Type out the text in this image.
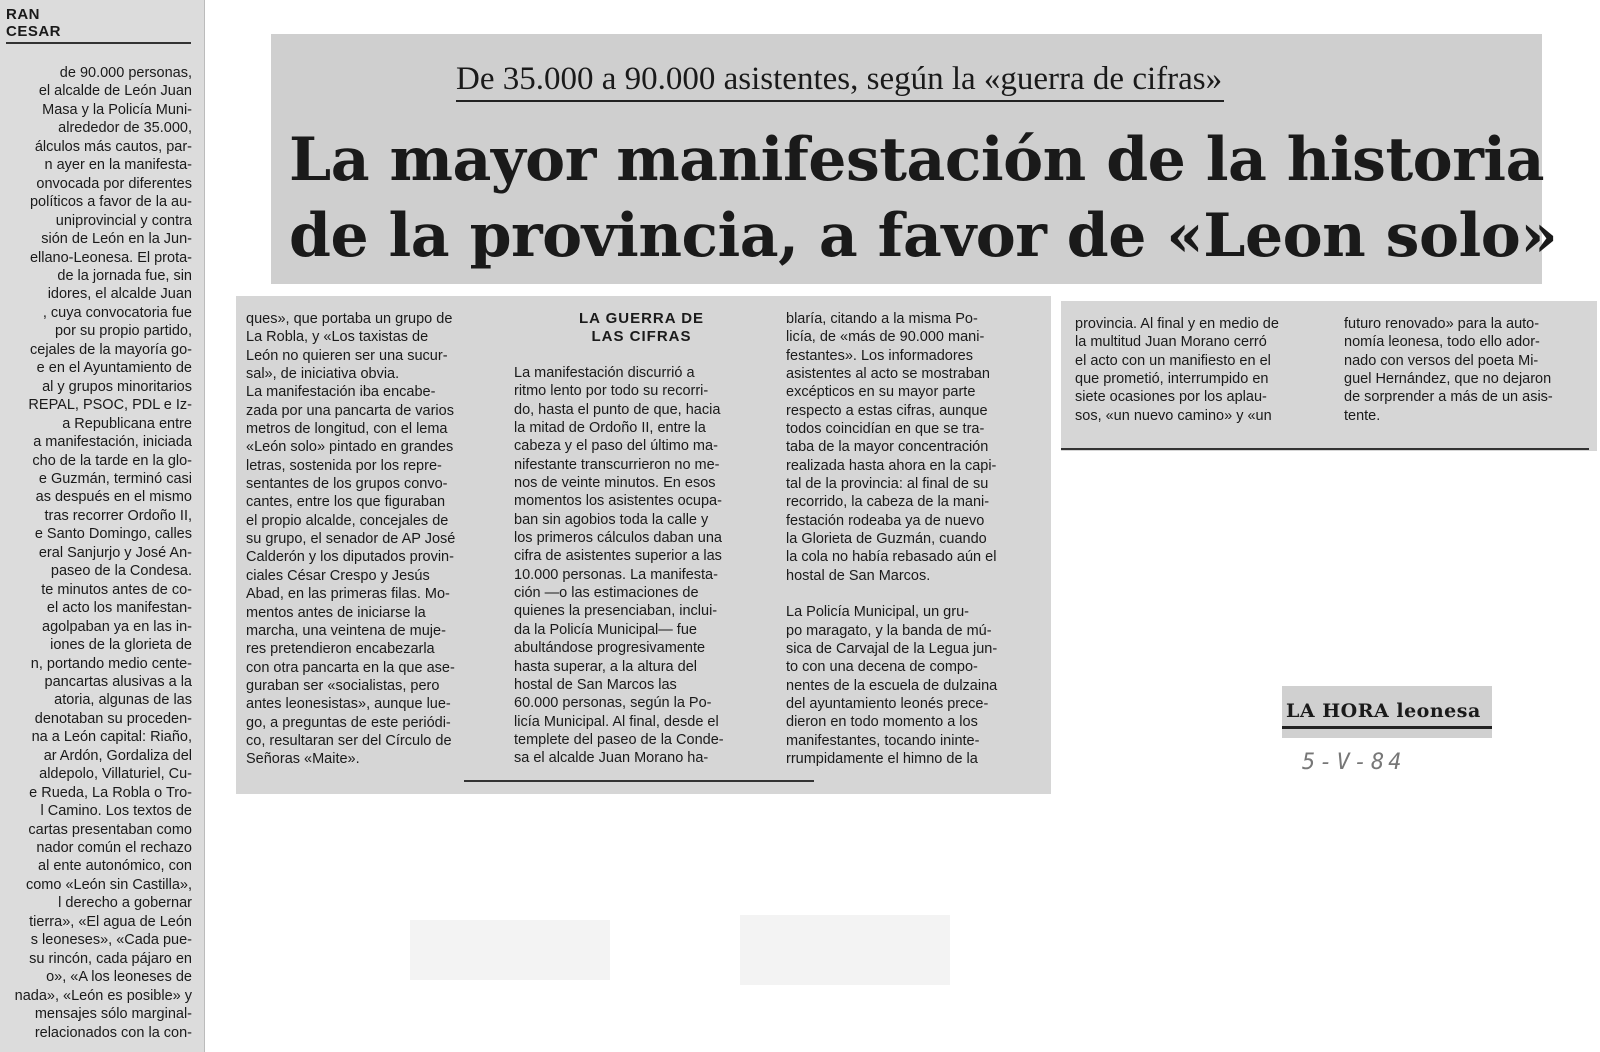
RAN
CESAR
de 90.000 personas,
el alcalde de León Juan
Masa y la Policía Muni-
alrededor de 35.000,
álculos más cautos, par-
n ayer en la manifesta-
onvocada por diferentes
políticos a favor de la au-
uniprovincial y contra
sión de León en la Jun-
ellano-Leonesa. El prota-
de la jornada fue, sin
idores, el alcalde Juan
, cuya convocatoria fue
por su propio partido,
cejales de la mayoría go-
e en el Ayuntamiento de
al y grupos minoritarios
REPAL, PSOC, PDL e Iz-
a Republicana entre
a manifestación, iniciada
cho de la tarde en la glo-
e Guzmán, terminó casi
as después en el mismo
tras recorrer Ordoño II,
e Santo Domingo, calles
eral Sanjurjo y José An-
paseo de la Condesa.
te minutos antes de co-
el acto los manifestan-
agolpaban ya en las in-
iones de la glorieta de
n, portando medio cente-
pancartas alusivas a la
atoria, algunas de las
denotaban su proceden-
na a León capital: Riaño,
ar Ardón, Gordaliza del
aldepolo, Villaturiel, Cu-
e Rueda, La Robla o Tro-
l Camino. Los textos de
cartas presentaban como
nador común el rechazo
al ente autonómico, con
como «León sin Castilla»,
l derecho a gobernar
tierra», «El agua de León
s leoneses», «Cada pue-
su rincón, cada pájaro en
o», «A los leoneses de
nada», «León es posible» y
mensajes sólo marginal-
relacionados con la con-
De 35.000 a 90.000 asistentes, según la «guerra de cifras»
La mayor manifestación de la historia
de la provincia, a favor de «Leon solo»
ques», que portaba un grupo de
La Robla, y «Los taxistas de
León no quieren ser una sucur-
sal», de iniciativa obvia.
La manifestación iba encabe-
zada por una pancarta de varios
metros de longitud, con el lema
«León solo» pintado en grandes
letras, sostenida por los repre-
sentantes de los grupos convo-
cantes, entre los que figuraban
el propio alcalde, concejales de
su grupo, el senador de AP José
Calderón y los diputados provin-
ciales César Crespo y Jesús
Abad, en las primeras filas. Mo-
mentos antes de iniciarse la
marcha, una veintena de muje-
res pretendieron encabezarla
con otra pancarta en la que ase-
guraban ser «socialistas, pero
antes leonesistas», aunque lue-
go, a preguntas de este periódi-
co, resultaran ser del Círculo de
Señoras «Maite».
LA GUERRA DE
LAS CIFRAS
La manifestación discurrió a
ritmo lento por todo su recorri-
do, hasta el punto de que, hacia
la mitad de Ordoño II, entre la
cabeza y el paso del último ma-
nifestante transcurrieron no me-
nos de veinte minutos. En esos
momentos los asistentes ocupa-
ban sin agobios toda la calle y
los primeros cálculos daban una
cifra de asistentes superior a las
10.000 personas. La manifesta-
ción —o las estimaciones de
quienes la presenciaban, inclui-
da la Policía Municipal— fue
abultándose progresivamente
hasta superar, a la altura del
hostal de San Marcos las
60.000 personas, según la Po-
licía Municipal. Al final, desde el
templete del paseo de la Conde-
sa el alcalde Juan Morano ha-
blaría, citando a la misma Po-
licía, de «más de 90.000 mani-
festantes». Los informadores
asistentes al acto se mostraban
excépticos en su mayor parte
respecto a estas cifras, aunque
todos coincidían en que se tra-
taba de la mayor concentración
realizada hasta ahora en la capi-
tal de la provincia: al final de su
recorrido, la cabeza de la mani-
festación rodeaba ya de nuevo
la Glorieta de Guzmán, cuando
la cola no había rebasado aún el
hostal de San Marcos.
La Policía Municipal, un gru-
po maragato, y la banda de mú-
sica de Carvajal de la Legua jun-
to con una decena de compo-
nentes de la escuela de dulzaina
del ayuntamiento leonés prece-
dieron en todo momento a los
manifestantes, tocando ininte-
rrumpidamente el himno de la
provincia. Al final y en medio de
la multitud Juan Morano cerró
el acto con un manifiesto en el
que prometió, interrumpido en
siete ocasiones por los aplau-
sos, «un nuevo camino» y «un
futuro renovado» para la auto-
nomía leonesa, todo ello ador-
nado con versos del poeta Mi-
guel Hernández, que no dejaron
de sorprender a más de un asis-
tente.
LA HORA leonesa
5-V-84
